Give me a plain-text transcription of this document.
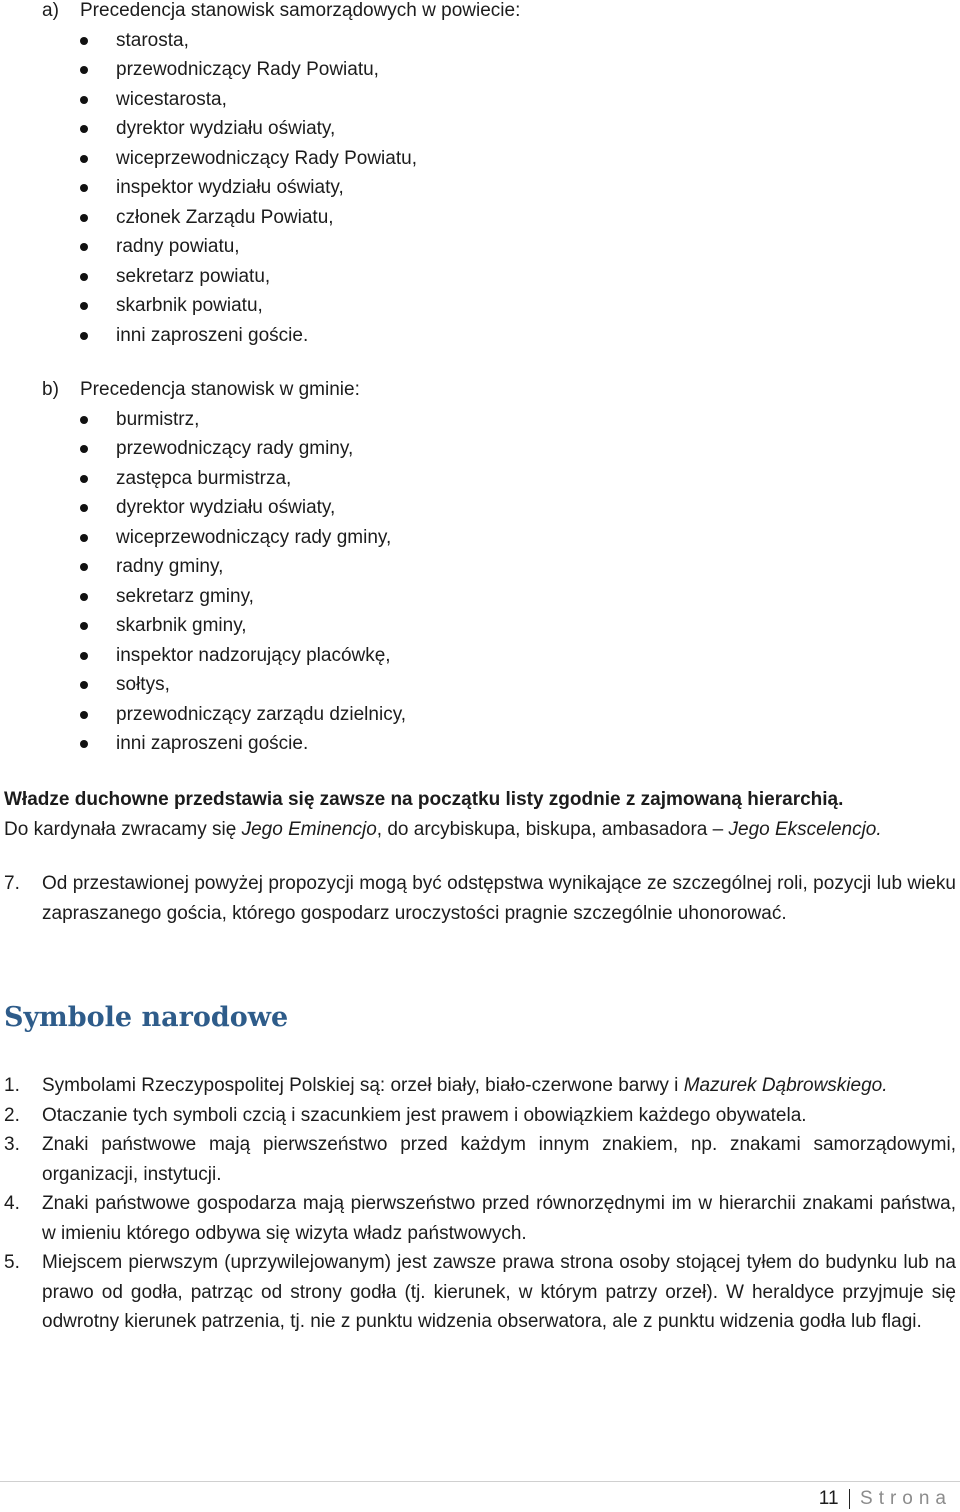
a)	Precedencja stanowisk samorządowych w powiecie:
starosta,
przewodniczący Rady Powiatu,
wicestarosta,
dyrektor wydziału oświaty,
wiceprzewodniczący Rady Powiatu,
inspektor wydziału oświaty,
członek Zarządu Powiatu,
radny powiatu,
sekretarz powiatu,
skarbnik powiatu,
inni zaproszeni goście.
b)	Precedencja stanowisk w gminie:
burmistrz,
przewodniczący rady gminy,
zastępca burmistrza,
dyrektor wydziału oświaty,
wiceprzewodniczący rady gminy,
radny gminy,
sekretarz gminy,
skarbnik gminy,
inspektor nadzorujący placówkę,
sołtys,
przewodniczący zarządu dzielnicy,
inni zaproszeni goście.
Władze duchowne przedstawia się zawsze na początku listy zgodnie z zajmowaną hierarchią.
Do kardynała zwracamy się Jego Eminencjo, do arcybiskupa, biskupa, ambasadora – Jego Ekscelencjo.
7.	Od przestawionej powyżej propozycji mogą być odstępstwa wynikające ze szczególnej roli, pozycji lub wieku zapraszanego gościa, którego gospodarz uroczystości pragnie szczególnie uhonorować.
Symbole narodowe
1.	Symbolami Rzeczypospolitej Polskiej są: orzeł biały, biało-czerwone barwy i Mazurek Dąbrowskiego.
2.	Otaczanie tych symboli czcią i szacunkiem jest prawem i obowiązkiem każdego obywatela.
3.	Znaki państwowe mają pierwszeństwo przed każdym innym znakiem, np. znakami samorządowymi, organizacji, instytucji.
4.	Znaki państwowe gospodarza mają pierwszeństwo przed równorzędnymi im w hierarchii znakami państwa, w imieniu którego odbywa się wizyta władz państwowych.
5.	Miejscem pierwszym (uprzywilejowanym) jest zawsze prawa strona osoby stojącej tyłem do budynku lub na prawo od godła, patrząc od strony godła (tj. kierunek, w którym patrzy orzeł). W heraldyce przyjmuje się odwrotny kierunek patrzenia, tj. nie z punktu widzenia obserwatora, ale z punktu widzenia godła lub flagi.
11 Strona
